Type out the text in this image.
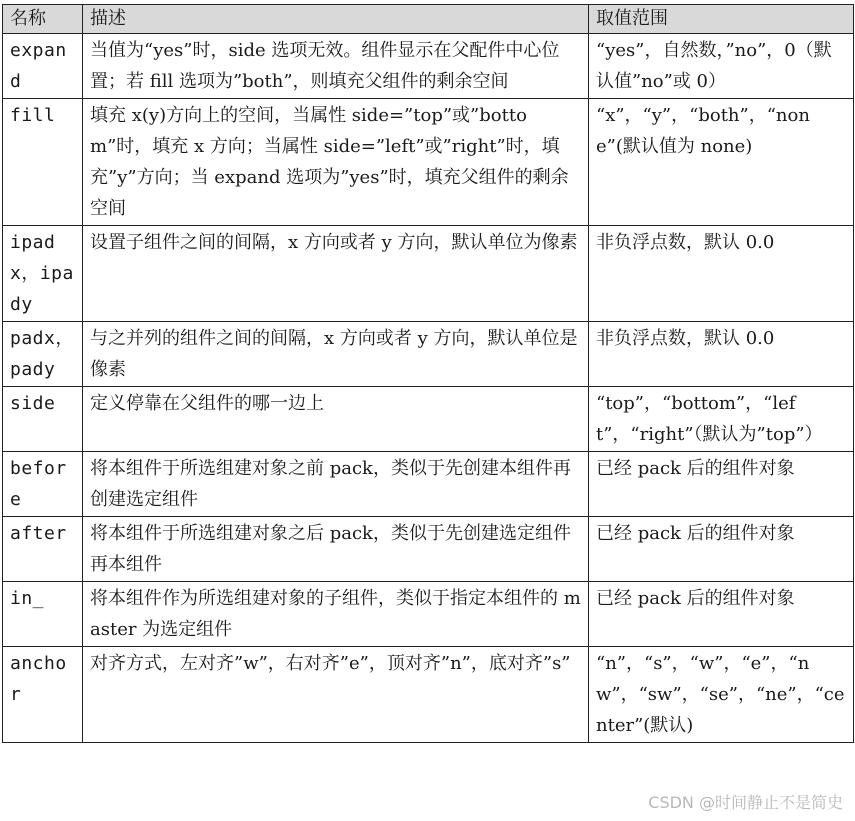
名称	描述	取值范围
expand	当值为“yes”时，side 选项无效。组件显示在父配件中心位置；若 fill 选项为”both”，则填充父组件的剩余空间	“yes”，自然数，”no”，0（默认值”no”或 0）
fill	填充 x(y)方向上的空间，当属性 side=”top”或”bottom”时，填充 x 方向；当属性 side=”left”或”right”时，填充”y”方向；当 expand 选项为”yes”时，填充父组件的剩余空间	“x”，“y”，“both”，“none”(默认值为 none)
ipadx，ipady	设置子组件之间的间隔，x 方向或者 y 方向，默认单位为像素	非负浮点数，默认 0.0
padx，pady	与之并列的组件之间的间隔，x 方向或者 y 方向，默认单位是像素	非负浮点数，默认 0.0
side	定义停靠在父组件的哪一边上	“top”，“bottom”，“left”，“right”（默认为”top”）
before	将本组件于所选组建对象之前 pack，类似于先创建本组件再创建选定组件	已经 pack 后的组件对象
after	将本组件于所选组建对象之后 pack，类似于先创建选定组件再本组件	已经 pack 后的组件对象
in_	将本组件作为所选组建对象的子组件，类似于指定本组件的 master 为选定组件	已经 pack 后的组件对象
anchor	对齐方式，左对齐”w”，右对齐”e”，顶对齐”n”，底对齐”s”	“n”，“s”，“w”，“e”，“nw”，“sw”，“se”，“ne”，“center”(默认)
CSDN @时间静止不是简史
